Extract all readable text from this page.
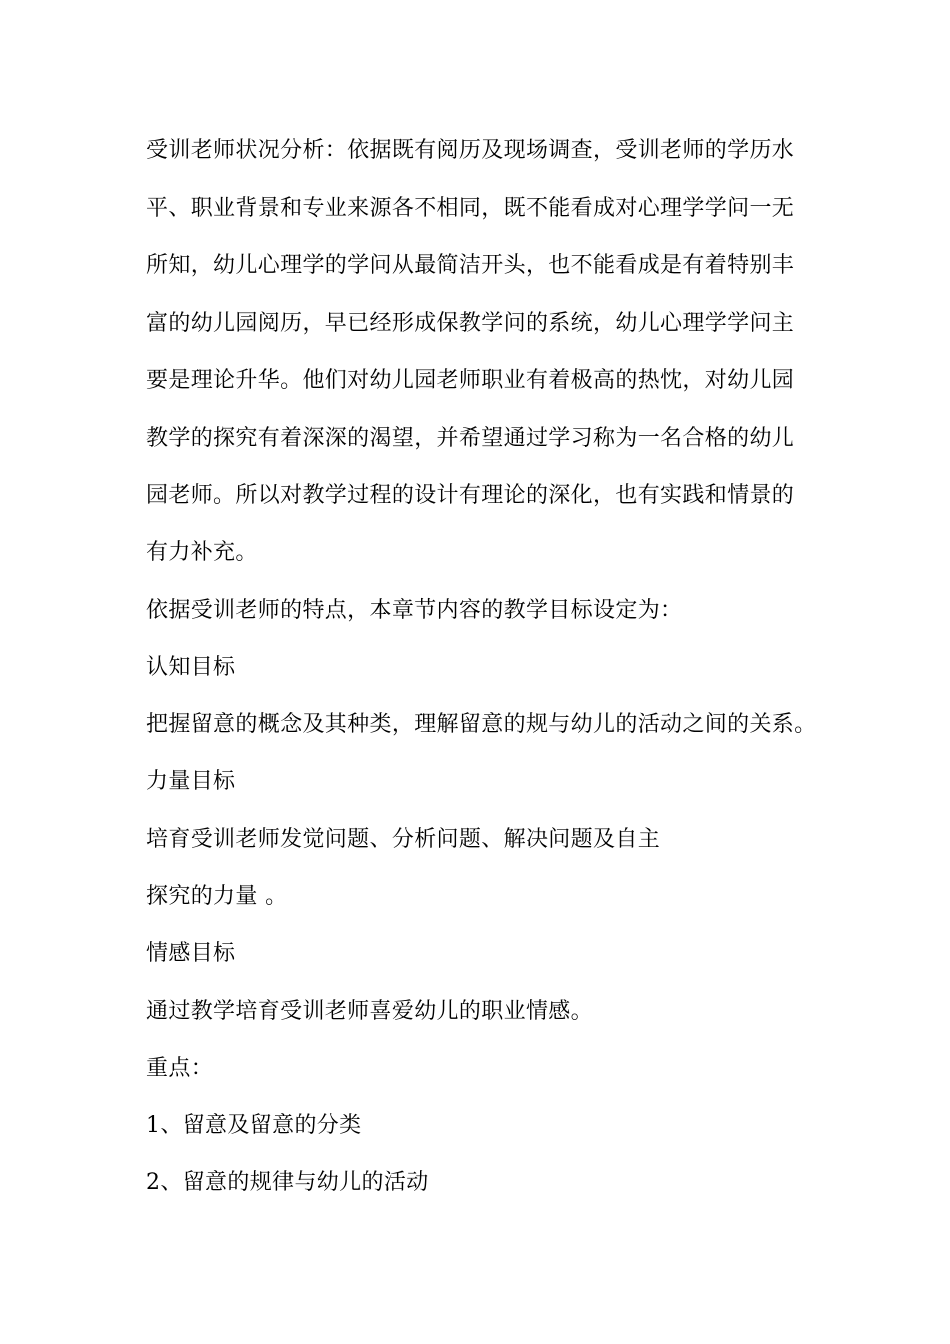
受训老师状况分析：依据既有阅历及现场调查，受训老师的学历水
平、职业背景和专业来源各不相同，既不能看成对心理学学问一无
所知，幼儿心理学的学问从最简洁开头，也不能看成是有着特别丰
富的幼儿园阅历，早已经形成保教学问的系统，幼儿心理学学问主
要是理论升华。他们对幼儿园老师职业有着极高的热忱，对幼儿园
教学的探究有着深深的渴望，并希望通过学习称为一名合格的幼儿
园老师。所以对教学过程的设计有理论的深化，也有实践和情景的
有力补充。
依据受训老师的特点，本章节内容的教学目标设定为：
认知目标
把握留意的概念及其种类，理解留意的规与幼儿的活动之间的关系。
力量目标
培育受训老师发觉问题、分析问题、解决问题及自主
探究的力量 。
情感目标
通过教学培育受训老师喜爱幼儿的职业情感。
重点：
1、留意及留意的分类
2、留意的规律与幼儿的活动
